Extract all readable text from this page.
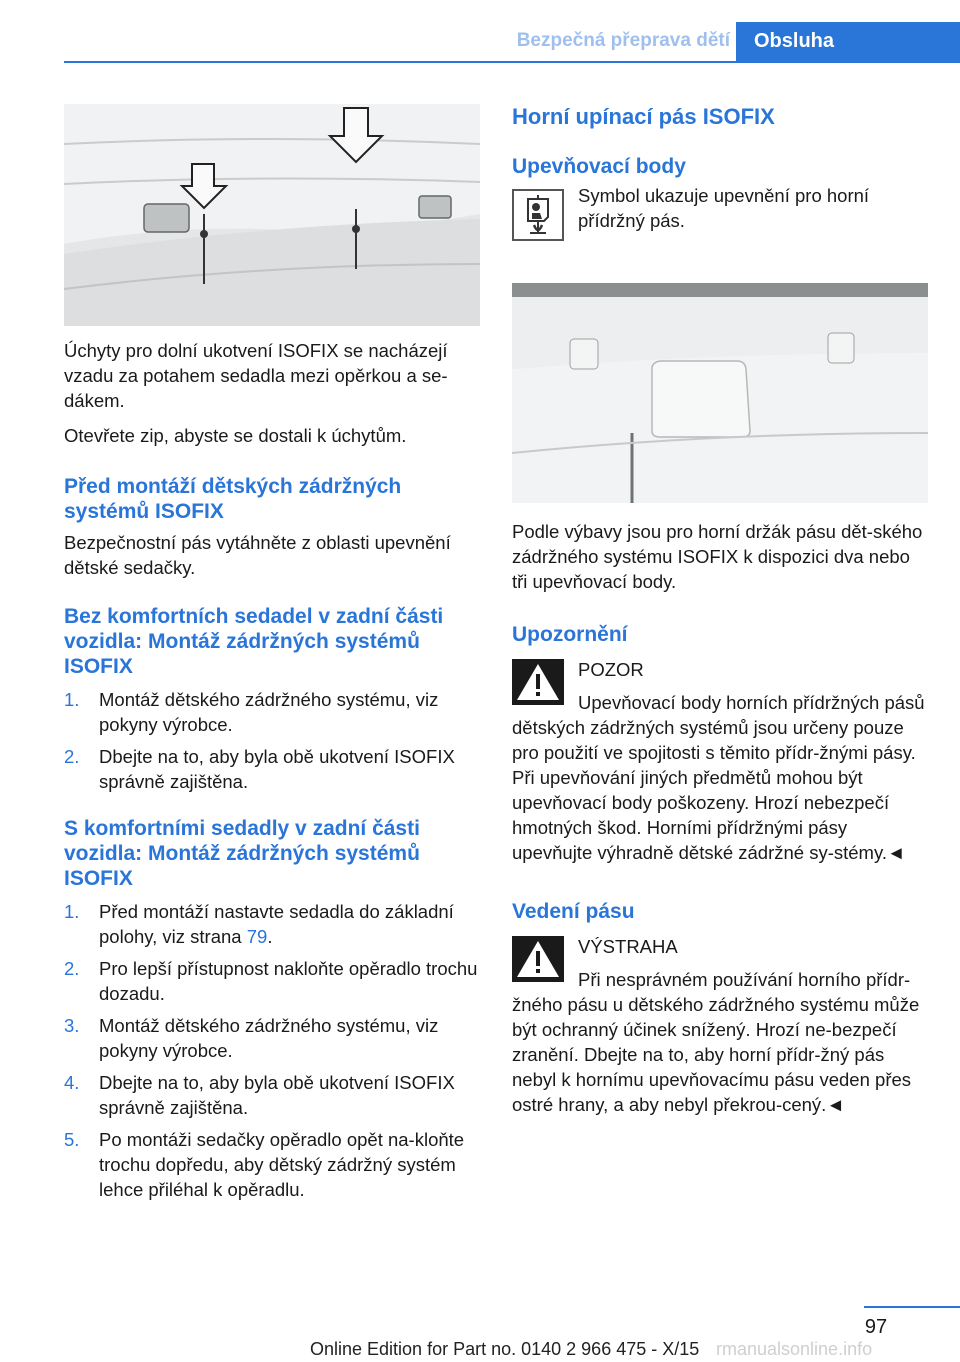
Bezpečná přeprava dětí	Obsluha

Úchyty pro dolní ukotvení ISOFIX se nacházejí vzadu za potahem sedadla mezi opěrkou a se‐dákem.

Otevřete zip, abyste se dostali k úchytům.

Před montáží dětských zádržných systémů ISOFIX

Bezpečnostní pás vytáhněte z oblasti upevnění dětské sedačky.

Bez komfortních sedadel v zadní části vozidla: Montáž zádržných systémů ISOFIX
1. Montáž dětského zádržného systému, viz pokyny výrobce.
2. Dbejte na to, aby byla obě ukotvení ISOFIX správně zajištěna.
S komfortními sedadly v zadní části vozidla: Montáž zádržných systémů ISOFIX
1. Před montáží nastavte sedadla do základní polohy, viz strana 79.
2. Pro lepší přístupnost nakloňte opěradlo trochu dozadu.
3. Montáž dětského zádržného systému, viz pokyny výrobce.
4. Dbejte na to, aby byla obě ukotvení ISOFIX správně zajištěna.
5. Po montáži sedačky opěradlo opět na‐kloňte trochu dopředu, aby dětský zádržný systém lehce přiléhal k opěradlu.
Horní upínací pás ISOFIX
Upevňovací body
Symbol ukazuje upevnění pro horní přídržný pás.

Podle výbavy jsou pro horní držák pásu dět‐ského zádržného systému ISOFIX k dispozici dva nebo tři upevňovací body.

Upozornění
POZOR
Upevňovací body horních přídržných pásů dětských zádržných systémů jsou určeny pouze pro použití ve spojitosti s těmito přídr‐žnými pásy. Při upevňování jiných předmětů mohou být upevňovací body poškozeny. Hrozí nebezpečí hmotných škod. Horními přídržnými pásy upevňujte výhradně dětské zádržné sy‐stémy.◄
Vedení pásu
VÝSTRAHA
Při nesprávném používání horního přídr‐žného pásu u dětského zádržného systému může být ochranný účinek snížený. Hrozí ne‐bezpečí zranění. Dbejte na to, aby horní přídr‐žný pás nebyl k hornímu upevňovacímu pásu veden přes ostré hrany, a aby nebyl překrou‐cený.◄
97
Online Edition for Part no. 0140 2 966 475 - X/15 rmanualsonline.info
